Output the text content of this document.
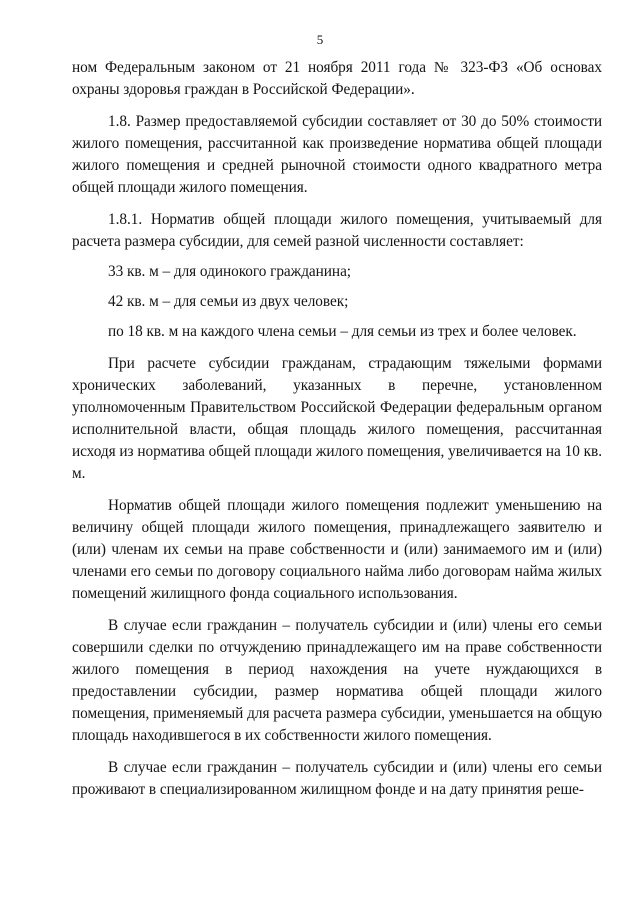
5

ном Федеральным законом от 21 ноября 2011 года № 323-ФЗ «Об основах охраны здоровья граждан в Российской Федерации».

1.8. Размер предоставляемой субсидии составляет от 30 до 50% стоимости жилого помещения, рассчитанной как произведение норматива общей площади жилого помещения и средней рыночной стоимости одного квадратного метра общей площади жилого помещения.

1.8.1. Норматив общей площади жилого помещения, учитываемый для расчета размера субсидии, для семей разной численности составляет:

33 кв. м – для одинокого гражданина;

42 кв. м – для семьи из двух человек;

по 18 кв. м на каждого члена семьи – для семьи из трех и более человек.

При расчете субсидии гражданам, страдающим тяжелыми формами хронических заболеваний, указанных в перечне, установленном уполномоченным Правительством Российской Федерации федеральным органом исполнительной власти, общая площадь жилого помещения, рассчитанная исходя из норматива общей площади жилого помещения, увеличивается на 10 кв. м.

Норматив общей площади жилого помещения подлежит уменьшению на величину общей площади жилого помещения, принадлежащего заявителю и (или) членам их семьи на праве собственности и (или) занимаемого им и (или) членами его семьи по договору социального найма либо договорам найма жилых помещений жилищного фонда социального использования.

В случае если гражданин – получатель субсидии и (или) члены его семьи совершили сделки по отчуждению принадлежащего им на праве собственности жилого помещения в период нахождения на учете нуждающихся в предоставлении субсидии, размер норматива общей площади жилого помещения, применяемый для расчета размера субсидии, уменьшается на общую площадь находившегося в их собственности жилого помещения.

В случае если гражданин – получатель субсидии и (или) члены его семьи проживают в специализированном жилищном фонде и на дату принятия реше-
